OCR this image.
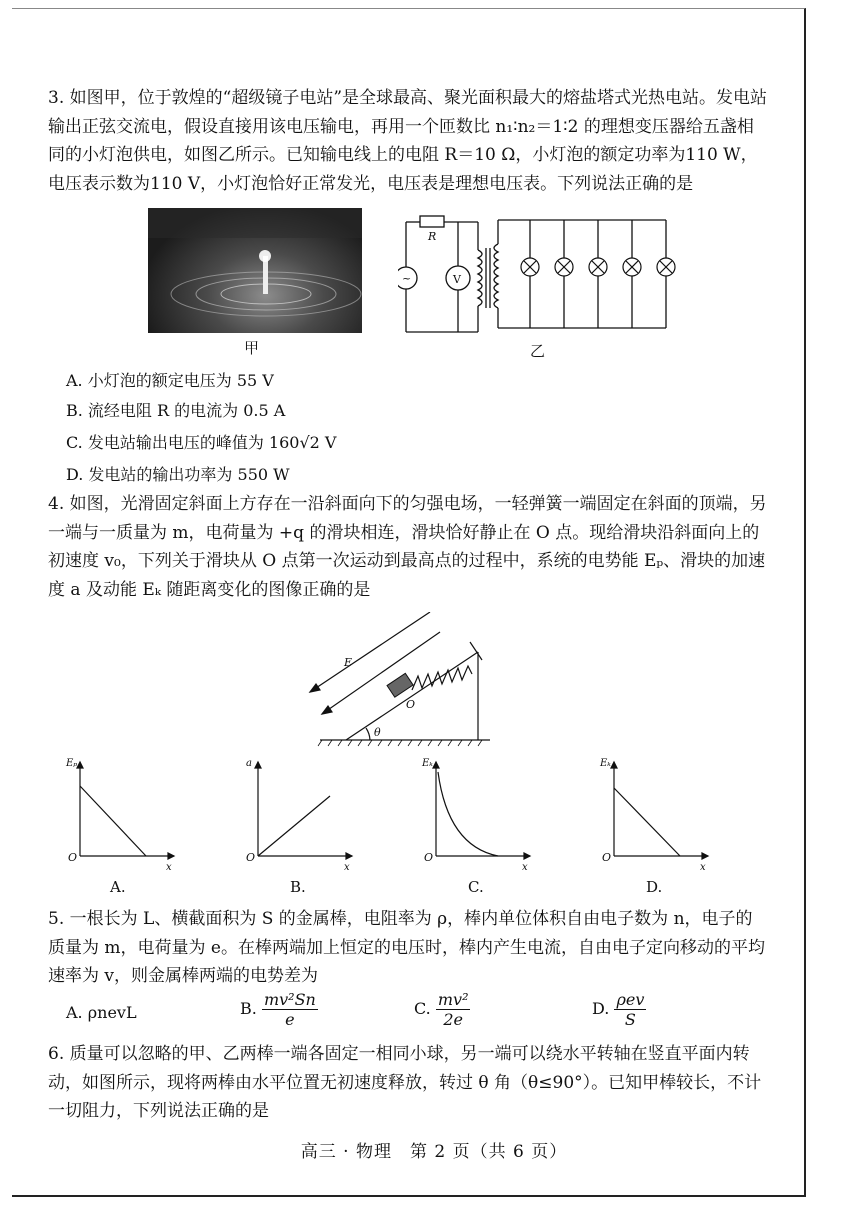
3. 如图甲，位于敦煌的“超级镜子电站”是全球最高、聚光面积最大的熔盐塔式光热电站。发电站输出正弦交流电，假设直接用该电压输电，再用一个匝数比 n₁∶n₂＝1∶2 的理想变压器给五盏相同的小灯泡供电，如图乙所示。已知输电线上的电阻 R＝10 Ω，小灯泡的额定功率为110 W，电压表示数为110 V，小灯泡恰好正常发光，电压表是理想电压表。下列说法正确的是

甲
R
V
~
乙
A. 小灯泡的额定电压为 55 V
B. 流经电阻 R 的电流为 0.5 A
C. 发电站输出电压的峰值为 160√2 V
D. 发电站的输出功率为 550 W

4. 如图，光滑固定斜面上方存在一沿斜面向下的匀强电场，一轻弹簧一端固定在斜面的顶端，另一端与一质量为 m，电荷量为 +q 的滑块相连，滑块恰好静止在 O 点。现给滑块沿斜面向上的初速度 v₀，下列关于滑块从 O 点第一次运动到最高点的过程中，系统的电势能 Eₚ、滑块的加速度 a 及动能 Eₖ 随距离变化的图像正确的是

E
O
θ
Eₚ
O
x
A.
a
O
x
B.
Eₖ
O
x
C.
Eₖ
O
x
D.

5. 一根长为 L、横截面积为 S 的金属棒，电阻率为 ρ，棒内单位体积自由电子数为 n，电子的质量为 m，电荷量为 e。在棒两端加上恒定的电压时，棒内产生电流，自由电子定向移动的平均速率为 v，则金属棒两端的电势差为

A. ρnevL	B. $\frac{\text{mv²Sn}}{e}$	C. $\frac{\text{mv²}}{2e}$	D. $\frac{\text{ρev}}{S}$

6. 质量可以忽略的甲、乙两棒一端各固定一相同小球，另一端可以绕水平转轴在竖直平面内转动，如图所示，现将两棒由水平位置无初速度释放，转过 θ 角（θ≤90°）。已知甲棒较长，不计一切阻力，下列说法正确的是

高三 · 物理　第 2 页（共 6 页）
